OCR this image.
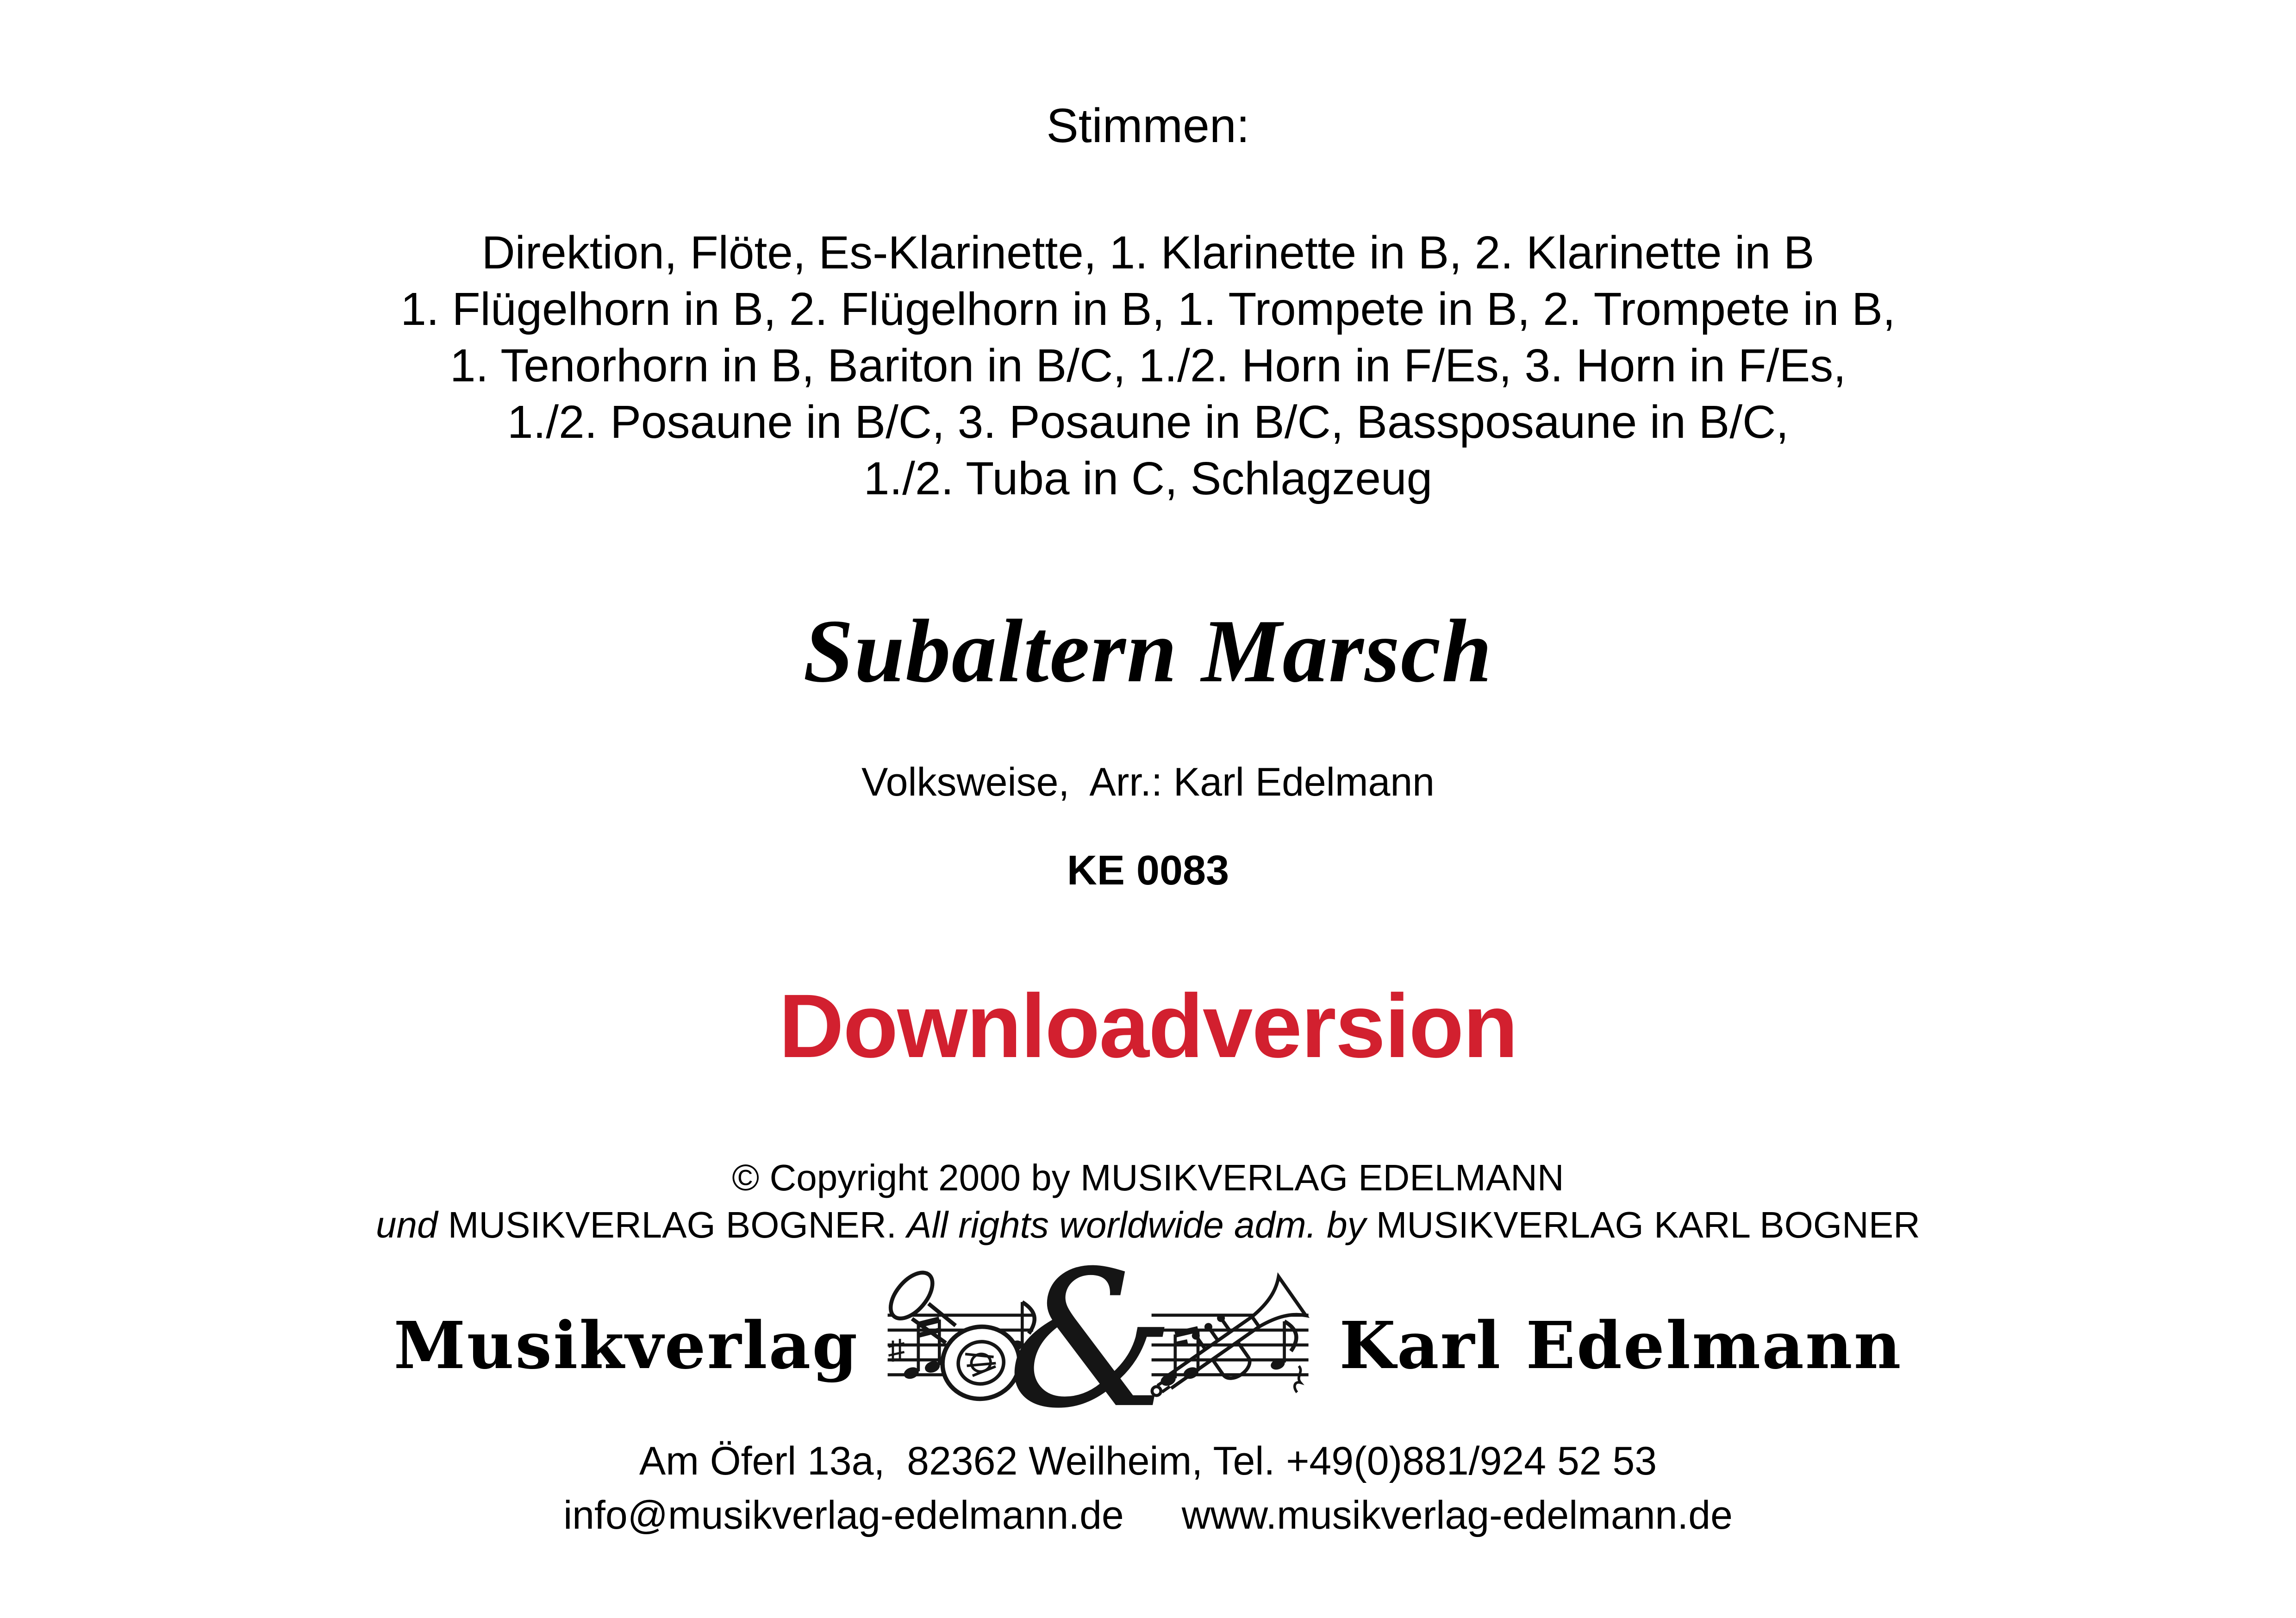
Stimmen:
Direktion, Flöte, Es-Klarinette, 1. Klarinette in B, 2. Klarinette in B
1. Flügelhorn in B, 2. Flügelhorn in B, 1. Trompete in B, 2. Trompete in B,
1. Tenorhorn in B, Bariton in B/C, 1./2. Horn in F/Es, 3. Horn in F/Es,
1./2. Posaune in B/C, 3. Posaune in B/C, Bassposaune in B/C,
1./2. Tuba in C, Schlagzeug
Subaltern Marsch
Volksweise,  Arr.: Karl Edelmann
KE 0083
Downloadversion
© Copyright 2000 by MUSIKVERLAG EDELMANN
und MUSIKVERLAG BOGNER. All rights worldwide adm. by MUSIKVERLAG KARL BOGNER
Musikverlag &	Karl Edelmann
Am Öferl 13a,  82362 Weilheim, Tel. +49(0)881/924 52 53
info@musikverlag-edelmann.de www.musikverlag-edelmann.de
